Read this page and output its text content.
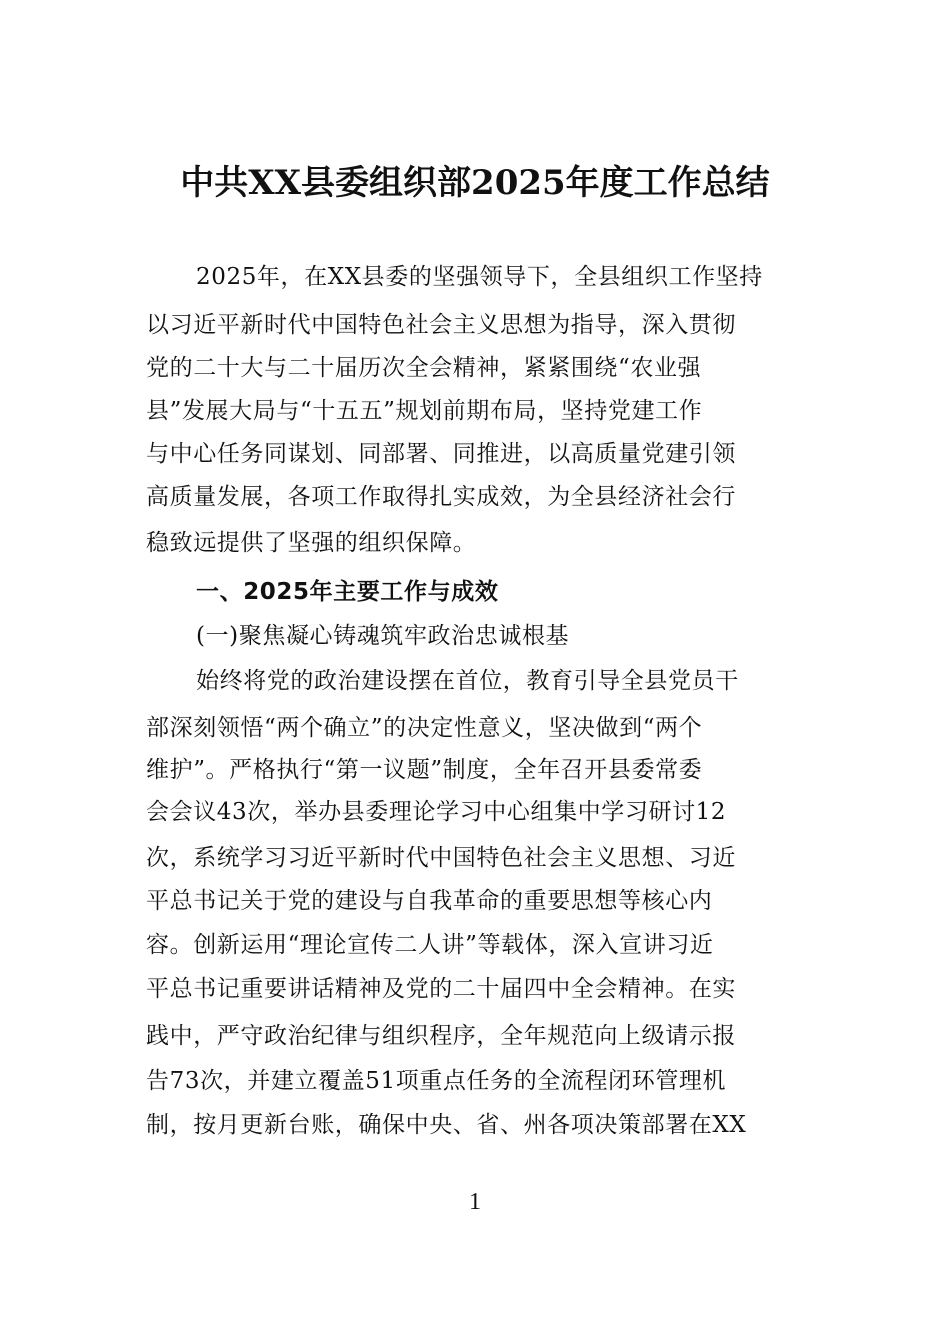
中共XX县委组织部2025年度工作总结
2025年，在XX县委的坚强领导下，全县组织工作坚持
以习近平新时代中国特色社会主义思想为指导，深入贯彻
党的二十大与二十届历次全会精神，紧紧围绕“农业强
县”发展大局与“十五五”规划前期布局，坚持党建工作
与中心任务同谋划、同部署、同推进，以高质量党建引领
高质量发展，各项工作取得扎实成效，为全县经济社会行
稳致远提供了坚强的组织保障。
一、2025年主要工作与成效
(一)聚焦凝心铸魂筑牢政治忠诚根基
始终将党的政治建设摆在首位，教育引导全县党员干
部深刻领悟“两个确立”的决定性意义，坚决做到“两个
维护”。严格执行“第一议题”制度，全年召开县委常委
会会议43次，举办县委理论学习中心组集中学习研讨12
次，系统学习习近平新时代中国特色社会主义思想、习近
平总书记关于党的建设与自我革命的重要思想等核心内
容。创新运用“理论宣传二人讲”等载体，深入宣讲习近
平总书记重要讲话精神及党的二十届四中全会精神。在实
践中，严守政治纪律与组织程序，全年规范向上级请示报
告73次，并建立覆盖51项重点任务的全流程闭环管理机
制，按月更新台账，确保中央、省、州各项决策部署在XX
1
